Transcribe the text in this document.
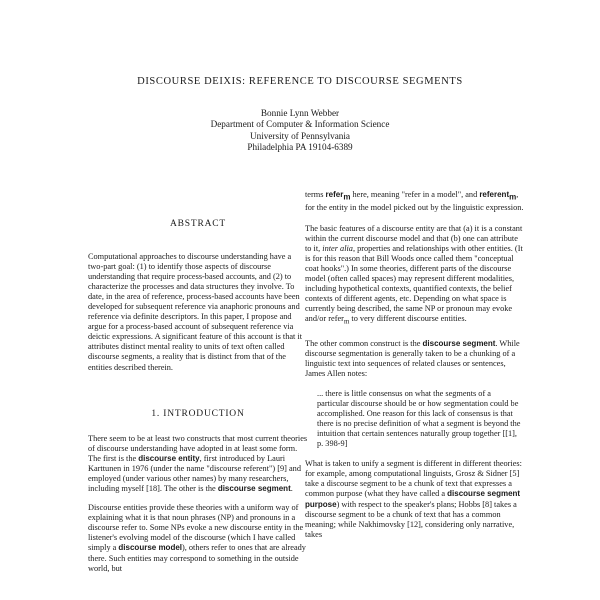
DISCOURSE DEIXIS: REFERENCE TO DISCOURSE SEGMENTS
Bonnie Lynn Webber
Department of Computer & Information Science
University of Pennsylvania
Philadelphia PA 19104-6389
ABSTRACT

Computational approaches to discourse understanding have a two-part goal: (1) to identify those aspects of discourse understanding that require process-based accounts, and (2) to characterize the processes and data structures they involve. To date, in the area of reference, process-based accounts have been developed for subsequent reference via anaphoric pronouns and reference via definite descriptors. In this paper, I propose and argue for a process-based account of subsequent reference via deictic expressions. A significant feature of this account is that it attributes distinct mental reality to units of text often called discourse segments, a reality that is distinct from that of the entities described therein.

1. INTRODUCTION

There seem to be at least two constructs that most current theories of discourse understanding have adopted in at least some form. The first is the discourse entity, first introduced by Lauri Karttunen in 1976 (under the name "discourse referent") [9] and employed (under various other names) by many researchers, including myself [18]. The other is the discourse segment.

Discourse entities provide these theories with a uniform way of explaining what it is that noun phrases (NP) and pronouns in a discourse refer to. Some NPs evoke a new discourse entity in the listener's evolving model of the discourse (which I have called simply a discourse model), others refer to ones that are already there. Such entities may correspond to something in the outside world, but

terms refer$_m$ here, meaning "refer in a model", and referent$_m$, for the entity in the model picked out by the linguistic expression.

The basic features of a discourse entity are that (a) it is a constant within the current discourse model and that (b) one can attribute to it, inter alia, properties and relationships with other entities. (It is for this reason that Bill Woods once called them "conceptual coat hooks".) In some theories, different parts of the discourse model (often called spaces) may represent different modalities, including hypothetical contexts, quantified contexts, the belief contexts of different agents, etc. Depending on what space is currently being described, the same NP or pronoun may evoke and/or refer$_m$ to very different discourse entities.

The other common construct is the discourse segment. While discourse segmentation is generally taken to be a chunking of a linguistic text into sequences of related clauses or sentences, James Allen notes:

... there is little consensus on what the segments of a particular discourse should be or how segmentation could be accomplished. One reason for this lack of consensus is that there is no precise definition of what a segment is beyond the intuition that certain sentences naturally group together [[1], p. 398-9]

What is taken to unify a segment is different in different theories: for example, among computational linguists, Grosz & Sidner [5] take a discourse segment to be a chunk of text that expresses a common purpose (what they have called a discourse segment purpose) with respect to the speaker's plans; Hobbs [8] takes a discourse segment to be a chunk of text that has a common meaning; while Nakhimovsky [12], considering only narrative, takes
